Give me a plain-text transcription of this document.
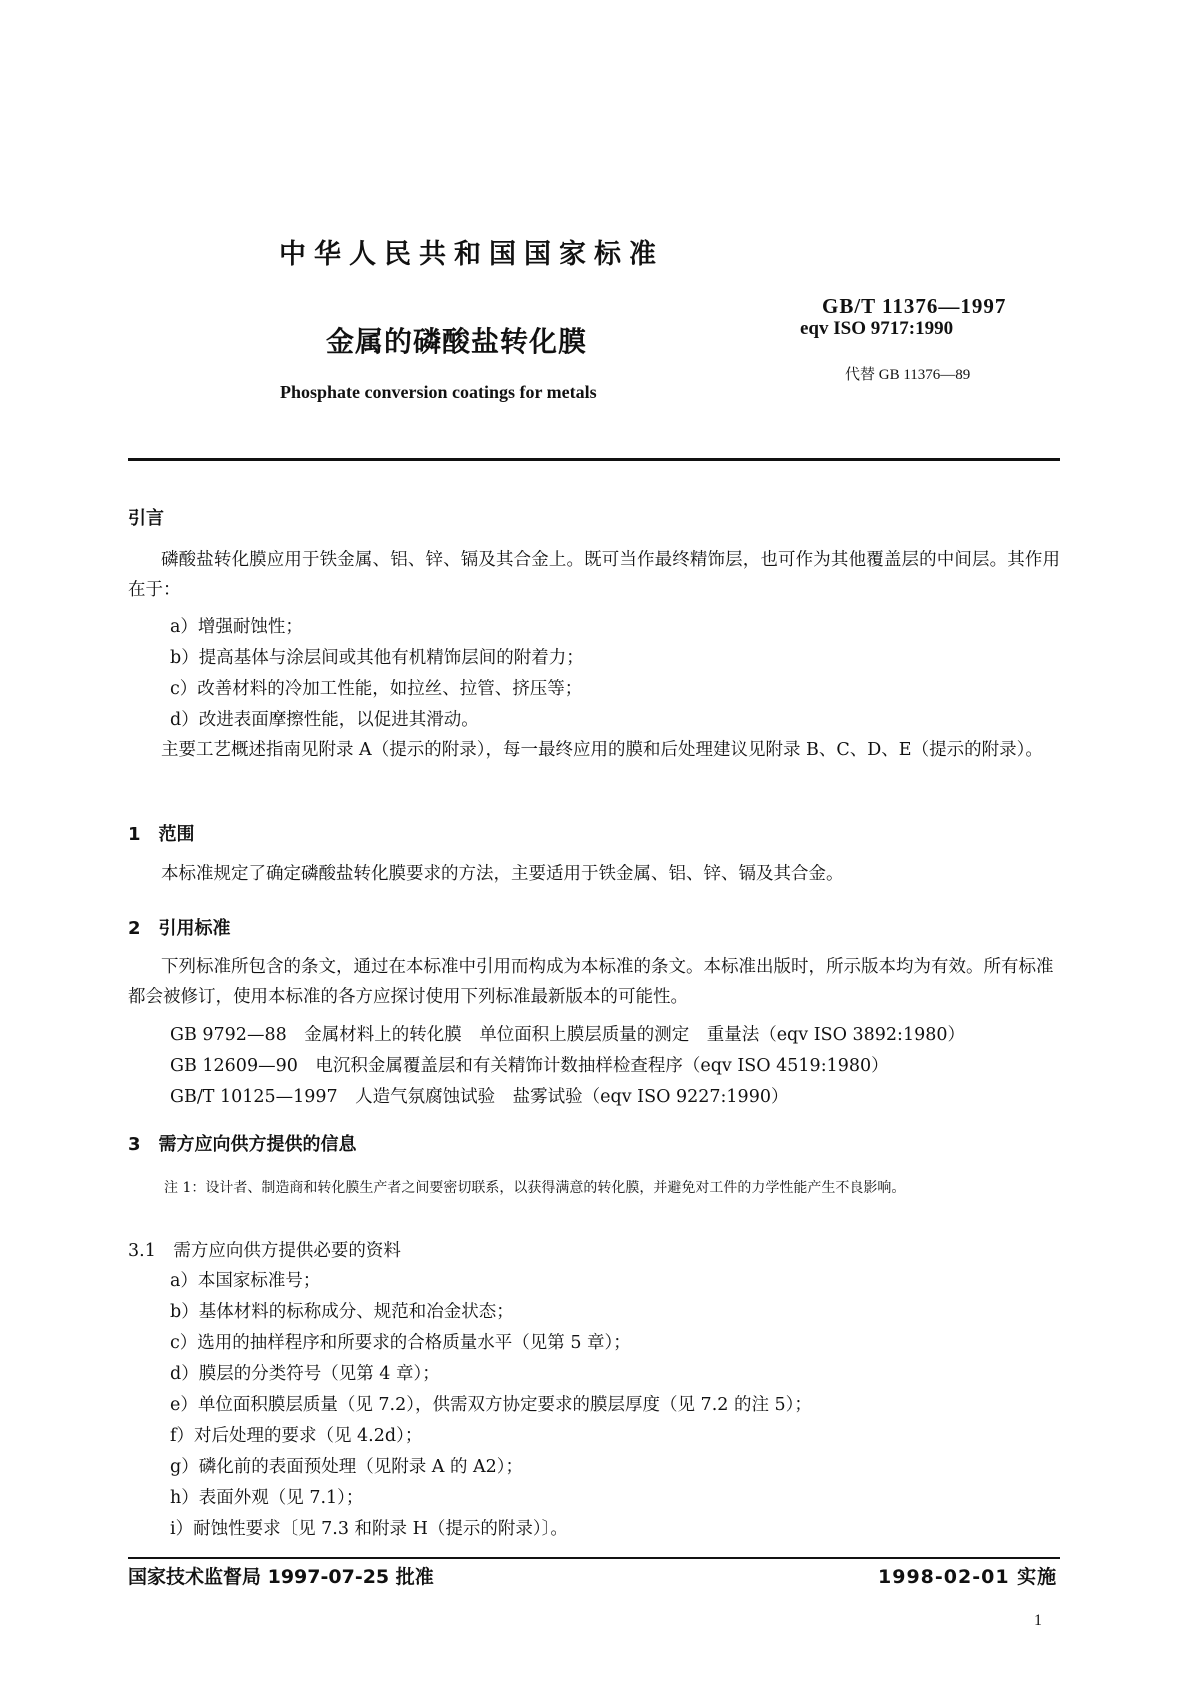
中华人民共和国国家标准
金属的磷酸盐转化膜
Phosphate conversion coatings for metals
GB/T 11376—1997
eqv ISO 9717:1990
代替 GB 11376—89
引言
磷酸盐转化膜应用于铁金属、铝、锌、镉及其合金上。既可当作最终精饰层，也可作为其他覆盖层的中间层。其作用在于：
a）增强耐蚀性；
b）提高基体与涂层间或其他有机精饰层间的附着力；
c）改善材料的冷加工性能，如拉丝、拉管、挤压等；
d）改进表面摩擦性能，以促进其滑动。
主要工艺概述指南见附录 A（提示的附录），每一最终应用的膜和后处理建议见附录 B、C、D、E（提示的附录）。
1　范围
本标准规定了确定磷酸盐转化膜要求的方法，主要适用于铁金属、铝、锌、镉及其合金。
2　引用标准
下列标准所包含的条文，通过在本标准中引用而构成为本标准的条文。本标准出版时，所示版本均为有效。所有标准都会被修订，使用本标准的各方应探讨使用下列标准最新版本的可能性。
GB 9792—88　金属材料上的转化膜　单位面积上膜层质量的测定　重量法（eqv ISO 3892:1980）
GB 12609—90　电沉积金属覆盖层和有关精饰计数抽样检查程序（eqv ISO 4519:1980）
GB/T 10125—1997　人造气氛腐蚀试验　盐雾试验（eqv ISO 9227:1990）
3　需方应向供方提供的信息
注 1：设计者、制造商和转化膜生产者之间要密切联系，以获得满意的转化膜，并避免对工件的力学性能产生不良影响。
3.1　需方应向供方提供必要的资料
a）本国家标准号；
b）基体材料的标称成分、规范和冶金状态；
c）选用的抽样程序和所要求的合格质量水平（见第 5 章）；
d）膜层的分类符号（见第 4 章）；
e）单位面积膜层质量（见 7.2），供需双方协定要求的膜层厚度（见 7.2 的注 5）；
f）对后处理的要求（见 4.2d）；
g）磷化前的表面预处理（见附录 A 的 A2）；
h）表面外观（见 7.1）；
i）耐蚀性要求〔见 7.3 和附录 H（提示的附录）〕。
国家技术监督局 1997-07-25 批准	1998-02-01 实施
1
